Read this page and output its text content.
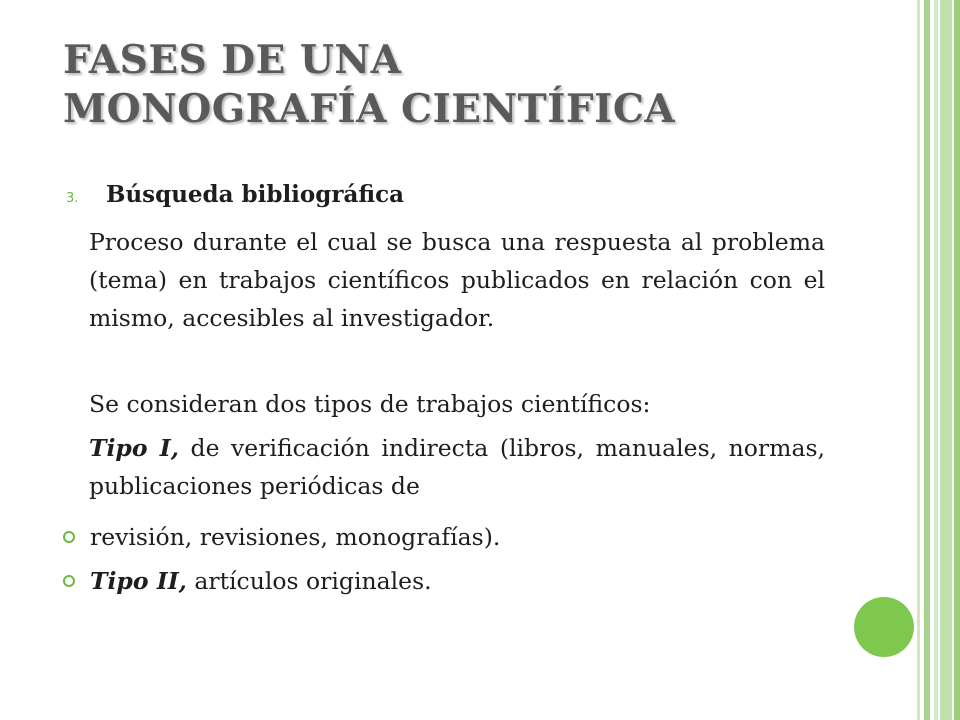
FASES DE UNA
MONOGRAFÍA CIENTÍFICA
3.	Búsqueda bibliográfica
Proceso durante el cual se busca una respuesta al problema (tema) en trabajos científicos publicados en relación con el mismo, accesibles al investigador.
Se consideran dos tipos de trabajos científicos:
Tipo I, de verificación indirecta (libros, manuales, normas, publicaciones periódicas de
revisión, revisiones, monografías).
Tipo II, artículos originales.
